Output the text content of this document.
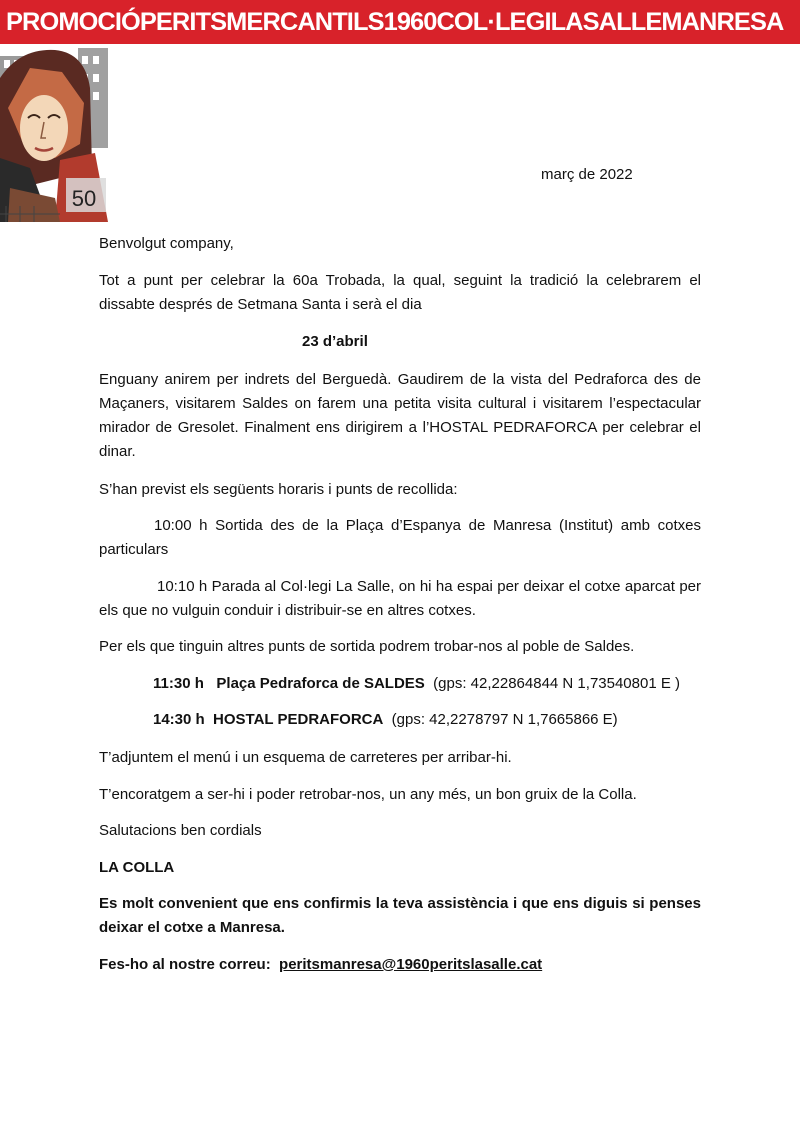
PROMOCIÓPERITSMERCANTILS1960COL·LEGILASALLEMANRESA
50
març de 2022

Benvolgut company,

Tot a punt per celebrar la 60a Trobada, la qual, seguint la tradició la celebrarem el dissabte després de Setmana Santa i serà el dia

23 d’abril

Enguany anirem per indrets del Berguedà. Gaudirem de la vista del Pedraforca des de Maçaners, visitarem Saldes on farem una petita visita cultural i visitarem l’espectacular mirador de Gresolet. Finalment ens dirigirem a l’HOSTAL PEDRAFORCA per celebrar el dinar.

S’han previst els següents horaris i punts de recollida:

10:00 h Sortida des de la Plaça d’Espanya de Manresa (Institut) amb cotxes particulars

10:10 h Parada al Col·legi La Salle, on hi ha espai per deixar el cotxe aparcat per els que no vulguin conduir i distribuir-se en altres cotxes.

Per els que tinguin altres punts de sortida podrem trobar-nos al poble de Saldes.

11:30 h Plaça Pedraforca de SALDES (gps: 42,22864844 N 1,73540801 E )

14:30 h HOSTAL PEDRAFORCA (gps: 42,2278797 N 1,7665866 E)

T’adjuntem el menú i un esquema de carreteres per arribar-hi.

T’encoratgem a ser-hi i poder retrobar-nos, un any més, un bon gruix de la Colla.

Salutacions ben cordials

LA COLLA

Es molt convenient que ens confirmis la teva assistència i que ens diguis si penses deixar el cotxe a Manresa.

Fes-ho al nostre correu: peritsmanresa@1960peritslasalle.cat
